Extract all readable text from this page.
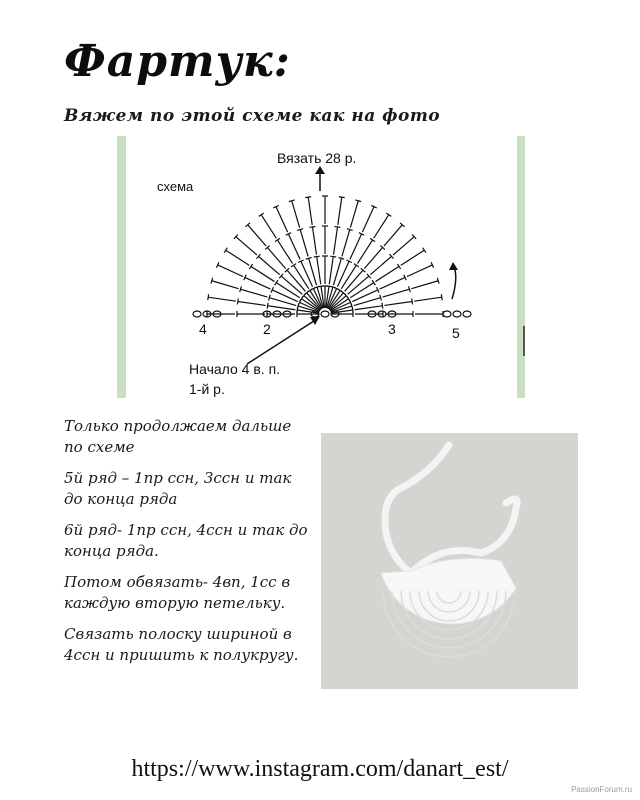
Фартук:
Вяжем по этой схеме как на фото
схема
Вязать 28 р.
4	2	3	5
Начало 4 в. п.
1-й р.

Только продолжаем дальше по схеме

5й ряд – 1пр ссн, 3ссн и так до конца ряда

6й ряд- 1пр ссн, 4ссн и так до конца ряда.

Потом обвязать- 4вп, 1сс в каждую вторую петельку.

Связать полоску шириной в 4ссн и пришить к полукругу.

https://www.instagram.com/danart_est/
PassionForum.ru
